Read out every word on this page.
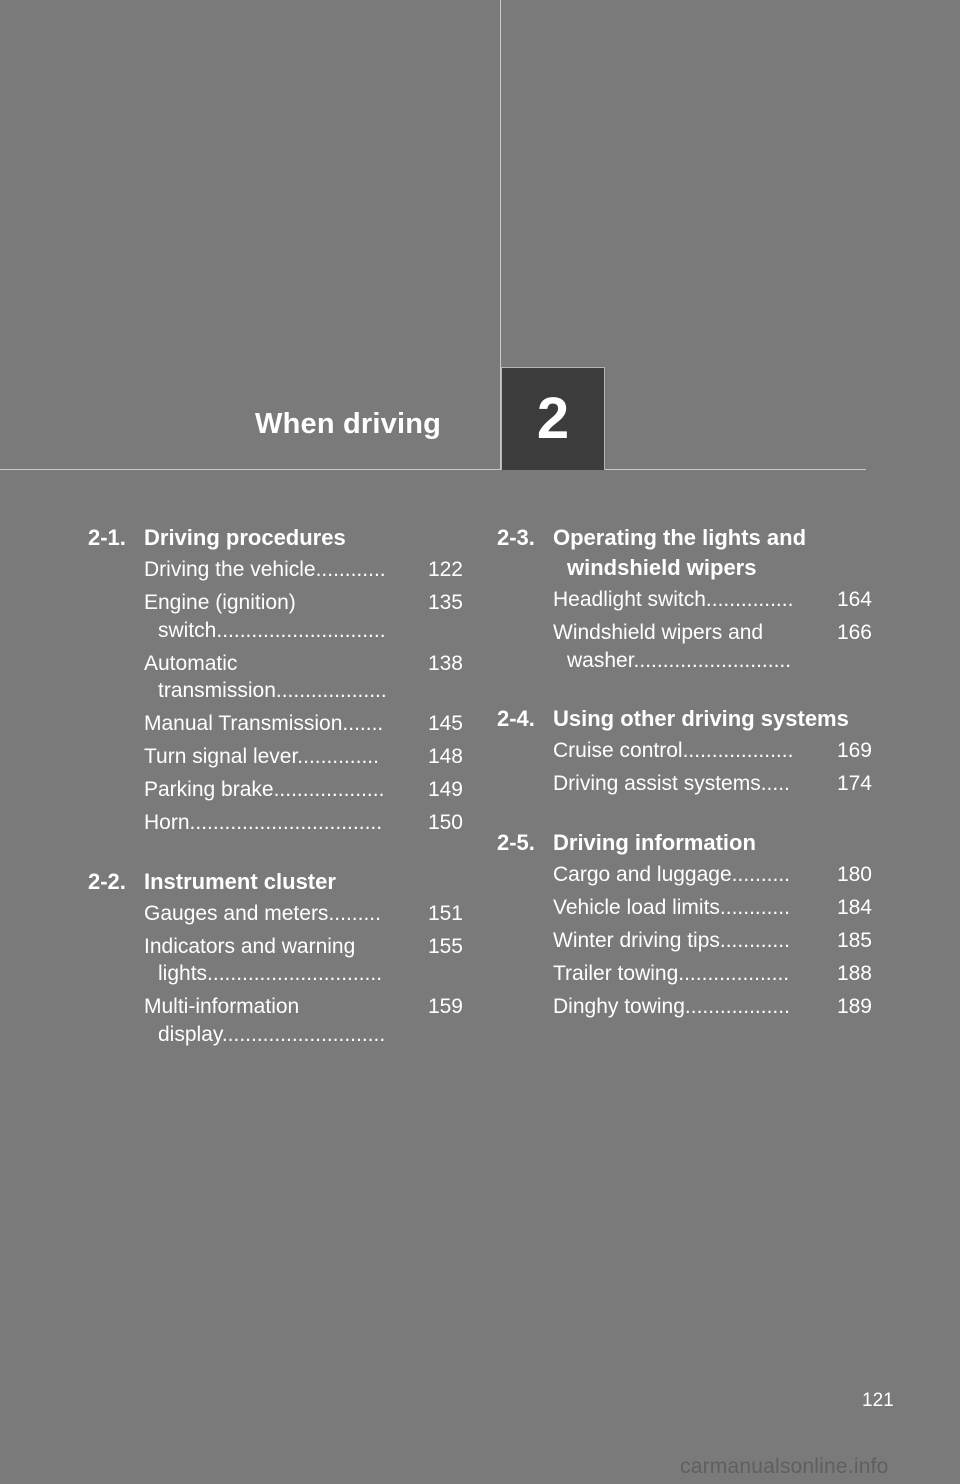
When driving 2
2-1. Driving procedures
122
Driving the vehicle............
135
Engine (ignition) switch.............................
138
Automatic transmission...................
145
Manual Transmission.......
148
Turn signal lever..............
149
Parking brake...................
150
Horn.................................
2-2. Instrument cluster
151
Gauges and meters.........
155
Indicators and warning lights..............................
159
Multi-information display............................
2-3. Operating the lights and windshield wipers
164
Headlight switch...............
166
Windshield wipers and washer...........................
2-4. Using other driving systems
169
Cruise control...................
174
Driving assist systems.....
2-5. Driving information
180
Cargo and luggage..........
184
Vehicle load limits............
185
Winter driving tips............
188
Trailer towing...................
189
Dinghy towing..................
121
carmanualsonline.info
